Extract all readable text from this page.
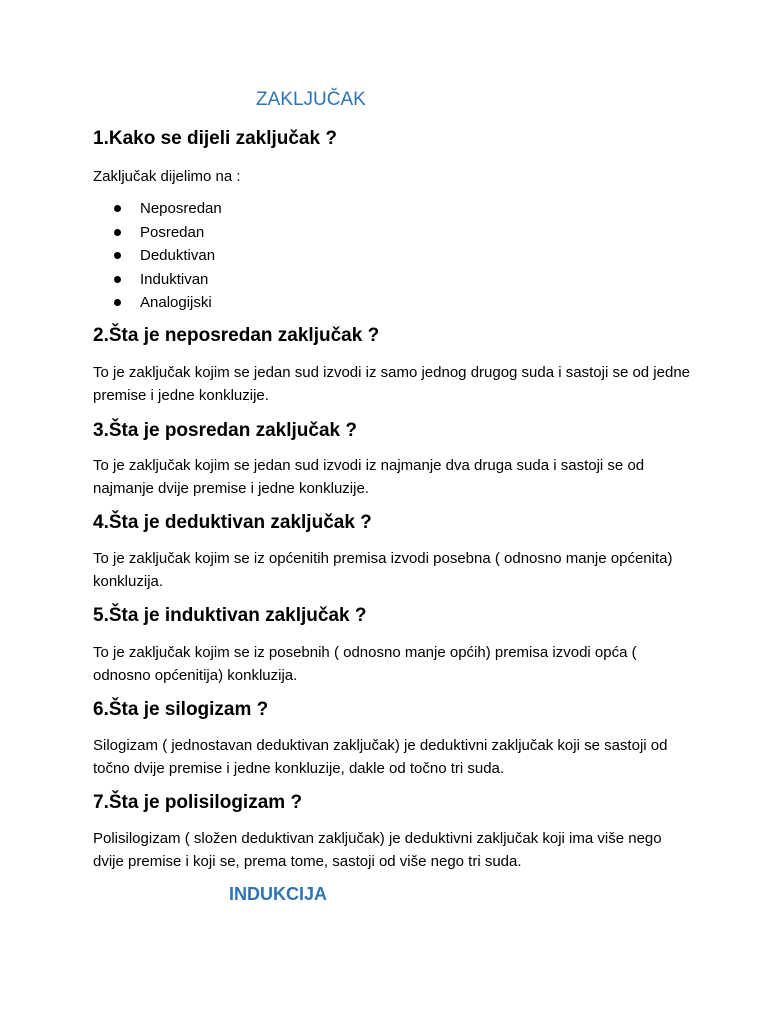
ZAKLJUČAK
1.Kako se dijeli zaključak ?

Zaključak dijelimo na :

Neposredan
Posredan
Deduktivan
Induktivan
Analogijski
2.Šta je neposredan zaključak ?

To je zaključak kojim se jedan sud izvodi iz samo jednog drugog suda i sastoji se od jedne premise i jedne konkluzije.

3.Šta je posredan zaključak ?

To je zaključak kojim se jedan sud izvodi iz najmanje dva druga suda i sastoji se od najmanje dvije premise i jedne konkluzije.

4.Šta je deduktivan zaključak ?

To je zaključak kojim se iz općenitih premisa izvodi posebna ( odnosno manje općenita) konkluzija.

5.Šta je induktivan zaključak ?

To je zaključak kojim se iz posebnih ( odnosno manje općih) premisa izvodi opća ( odnosno općenitija) konkluzija.

6.Šta je silogizam ?

Silogizam ( jednostavan deduktivan zaključak) je deduktivni zaključak koji se sastoji od točno dvije premise i jedne konkluzije, dakle od točno tri suda.

7.Šta je polisilogizam ?

Polisilogizam ( složen deduktivan zaključak) je deduktivni zaključak koji ima više nego dvije premise i koji se, prema tome, sastoji od više nego tri suda.

INDUKCIJA
